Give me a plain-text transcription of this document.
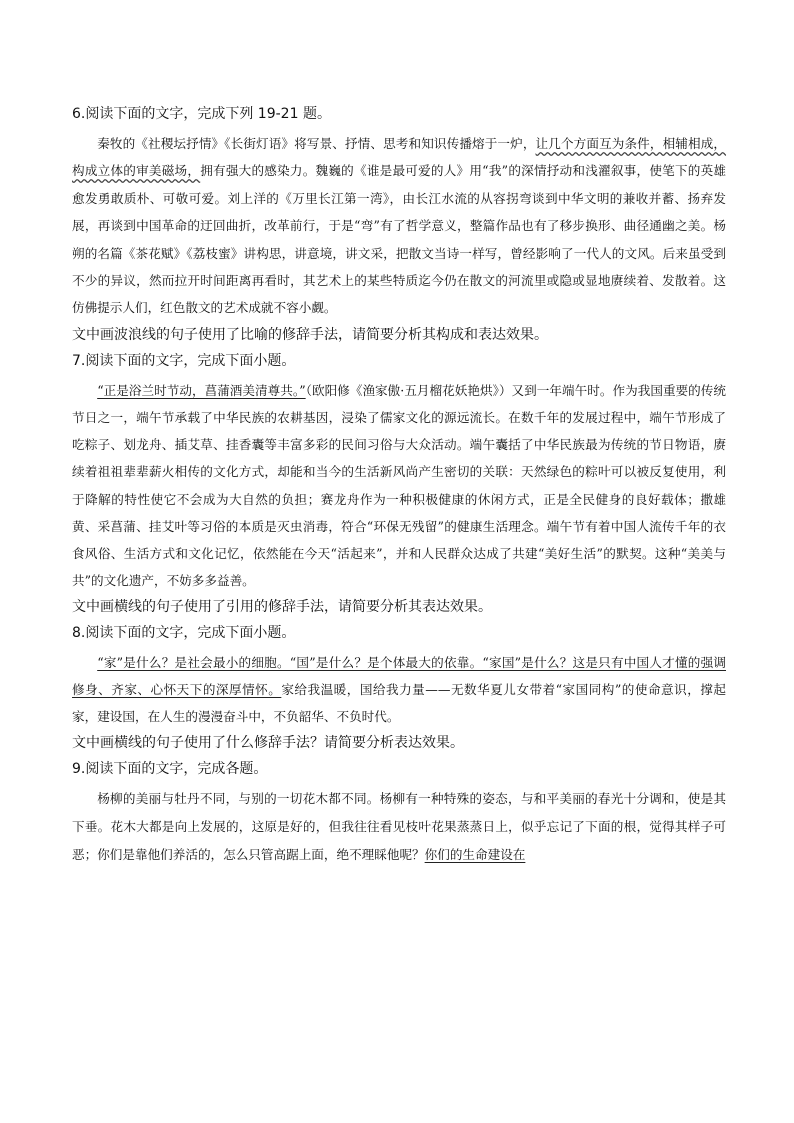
6.阅读下面的文字，完成下列 19-21 题。

秦牧的《社稷坛抒情》《长街灯语》将写景、抒情、思考和知识传播熔于一炉，让几个方面互为条件，相辅相成，构成立体的审美磁场，拥有强大的感染力。魏巍的《谁是最可爱的人》用“我”的深情抒动和浅濯叙事，使笔下的英雄愈发勇敢质朴、可敬可爱。刘上洋的《万里长江第一湾》，由长江水流的从容拐弯谈到中华文明的兼收并蓄、扬弃发展，再谈到中国革命的迂回曲折，改革前行，于是“弯”有了哲学意义，整篇作品也有了移步换形、曲径通幽之美。杨朔的名篇《茶花赋》《荔枝蜜》讲构思，讲意境，讲文采，把散文当诗一样写，曾经影响了一代人的文风。后来虽受到不少的异议，然而拉开时间距离再看时，其艺术上的某些特质迄今仍在散文的河流里或隐或显地赓续着、发散着。这仿佛提示人们，红色散文的艺术成就不容小觑。

文中画波浪线的句子使用了比喻的修辞手法，请简要分析其构成和表达效果。

7.阅读下面的文字，完成下面小题。

“正是浴兰时节动，菖蒲酒美清尊共。”（欧阳修《渔家傲·五月榴花妖艳烘》）又到一年端午时。作为我国重要的传统节日之一，端午节承载了中华民族的农耕基因，浸染了儒家文化的源远流长。在数千年的发展过程中，端午节形成了吃粽子、划龙舟、插艾草、挂香囊等丰富多彩的民间习俗与大众活动。端午囊括了中华民族最为传统的节日物语，赓续着祖祖辈辈薪火相传的文化方式，却能和当今的生活新风尚产生密切的关联：天然绿色的粽叶可以被反复使用，利于降解的特性使它不会成为大自然的负担；赛龙舟作为一种积极健康的休闲方式，正是全民健身的良好载体；撒雄黄、采菖蒲、挂艾叶等习俗的本质是灭虫消毒，符合“环保无残留”的健康生活理念。端午节有着中国人流传千年的衣食风俗、生活方式和文化记忆，依然能在今天“活起来”，并和人民群众达成了共建“美好生活”的默契。这种“美美与共”的文化遗产，不妨多多益善。

文中画横线的句子使用了引用的修辞手法，请简要分析其表达效果。

8.阅读下面的文字，完成下面小题。

“家”是什么？是社会最小的细胞。“国”是什么？是个体最大的依靠。“家国”是什么？这是只有中国人才懂的强调修身、齐家、心怀天下的深厚情怀。家给我温暖，国给我力量——无数华夏儿女带着“家国同构”的使命意识，撑起家，建设国，在人生的漫漫奋斗中，不负韶华、不负时代。

文中画横线的句子使用了什么修辞手法？请简要分析表达效果。

9.阅读下面的文字，完成各题。

杨柳的美丽与牡丹不同，与别的一切花木都不同。杨柳有一种特殊的姿态，与和平美丽的春光十分调和，使是其下垂。花木大都是向上发展的，这原是好的，但我往往看见枝叶花果蒸蒸日上，似乎忘记了下面的根，觉得其样子可恶；你们是靠他们养活的，怎么只管高踞上面，绝不理睬他呢？你们的生命建设在
